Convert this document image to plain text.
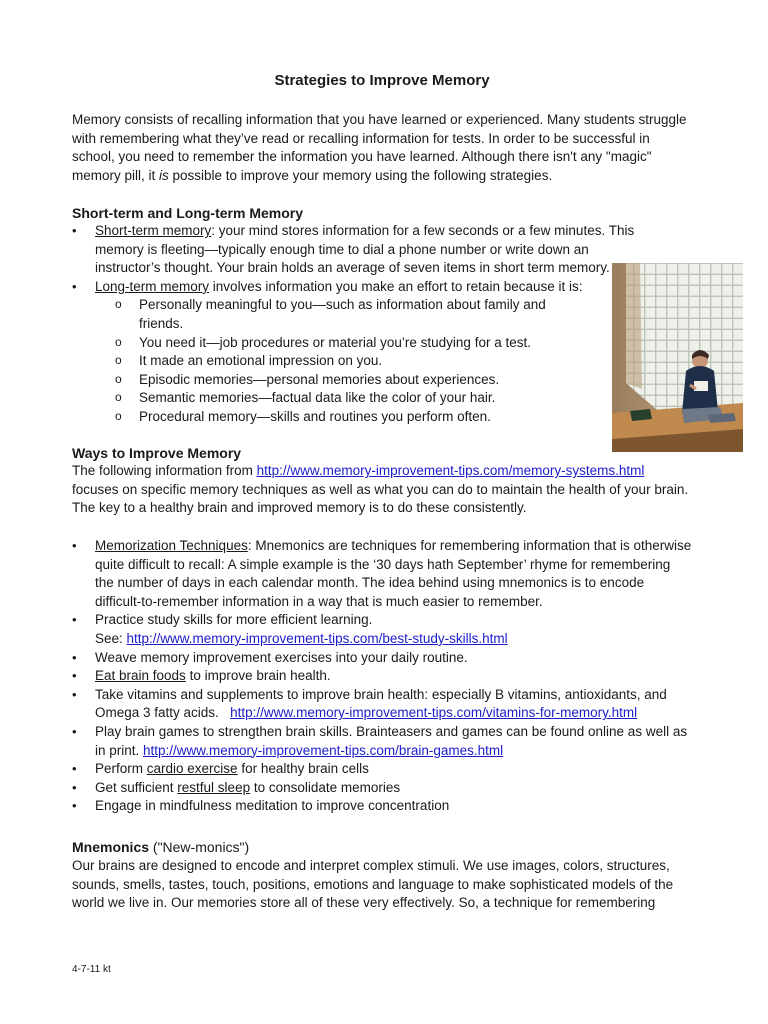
Strategies to Improve Memory

Memory consists of recalling information that you have learned or experienced. Many students struggle with remembering what they’ve read or recalling information for tests. In order to be successful in school, you need to remember the information you have learned. Although there isn't any "magic" memory pill, it is possible to improve your memory using the following strategies.

Short-term and Long-term Memory
• Short-term memory: your mind stores information for a few seconds or a few minutes. This memory is fleeting—typically enough time to dial a phone number or write down an instructor’s thought. Your brain holds an average of seven items in short term memory.
• Long-term memory involves information you make an effort to retain because it is:
o Personally meaningful to you—such as information about family and friends.
o You need it—job procedures or material you’re studying for a test.
o It made an emotional impression on you.
o Episodic memories—personal memories about experiences.
o Semantic memories—factual data like the color of your hair.
o Procedural memory—skills and routines you perform often.
Ways to Improve Memory

The following information from http://www.memory-improvement-tips.com/memory-systems.html focuses on specific memory techniques as well as what you can do to maintain the health of your brain. The key to a healthy brain and improved memory is to do these consistently.

• Memorization Techniques: Mnemonics are techniques for remembering information that is otherwise quite difficult to recall: A simple example is the ‘30 days hath September’ rhyme for remembering the number of days in each calendar month. The idea behind using mnemonics is to encode difficult-to-remember information in a way that is much easier to remember.
• Practice study skills for more efficient learning.
See: http://www.memory-improvement-tips.com/best-study-skills.html
• Weave memory improvement exercises into your daily routine.
• Eat brain foods to improve brain health.
• Take vitamins and supplements to improve brain health: especially B vitamins, antioxidants, and Omega 3 fatty acids.   http://www.memory-improvement-tips.com/vitamins-for-memory.html
• Play brain games to strengthen brain skills. Brainteasers and games can be found online as well as in print. http://www.memory-improvement-tips.com/brain-games.html
• Perform cardio exercise for healthy brain cells
• Get sufficient restful sleep to consolidate memories
• Engage in mindfulness meditation to improve concentration
Mnemonics ("New-monics")

Our brains are designed to encode and interpret complex stimuli. We use images, colors, structures, sounds, smells, tastes, touch, positions, emotions and language to make sophisticated models of the world we live in. Our memories store all of these very effectively. So, a technique for remembering

4-7-11 kt
